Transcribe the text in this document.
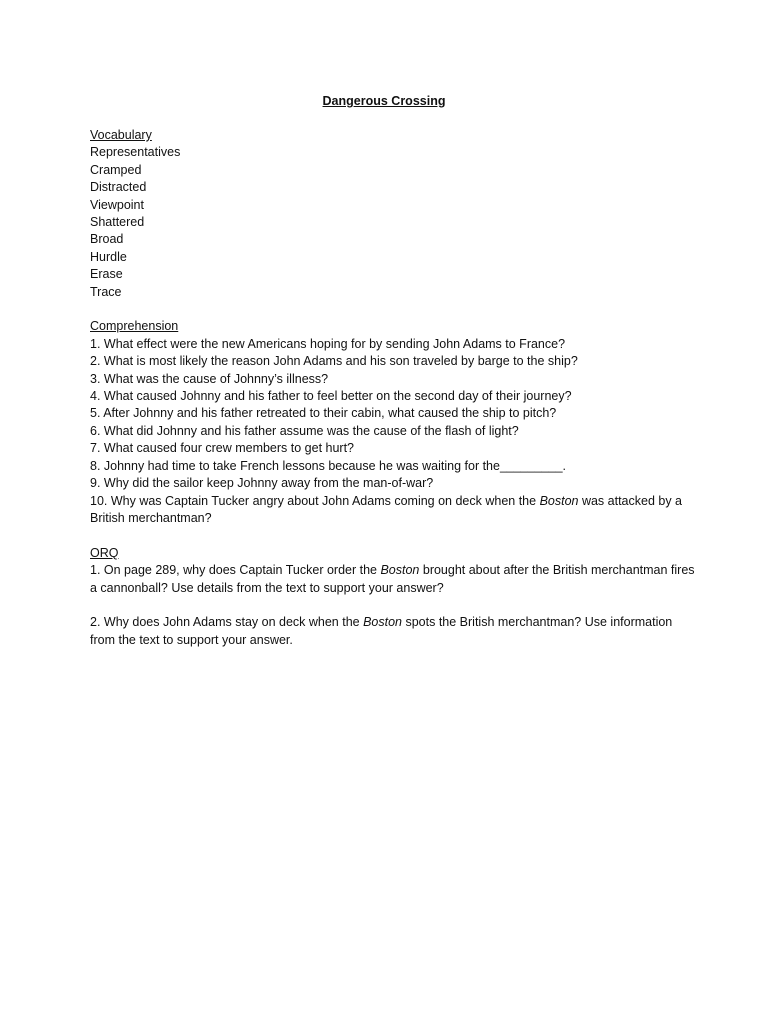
Dangerous Crossing

Vocabulary

Representatives
Cramped
Distracted
Viewpoint
Shattered
Broad
Hurdle
Erase
Trace

Comprehension

1. What effect were the new Americans hoping for by sending John Adams to France?
2. What is most likely the reason John Adams and his son traveled by barge to the ship?
3. What was the cause of Johnny’s illness?
4. What caused Johnny and his father to feel better on the second day of their journey?
5. After Johnny and his father retreated to their cabin, what caused the ship to pitch?
6. What did Johnny and his father assume was the cause of the flash of light?
7. What caused four crew members to get hurt?
8. Johnny had time to take French lessons because he was waiting for the_________.
9. Why did the sailor keep Johnny away from the man-of-war?
10. Why was Captain Tucker angry about John Adams coming on deck when the Boston was attacked by a British merchantman?

ORQ

1. On page 289, why does Captain Tucker order the Boston brought about after the British merchantman fires a cannonball? Use details from the text to support your answer?

2. Why does John Adams stay on deck when the Boston spots the British merchantman? Use information from the text to support your answer.
